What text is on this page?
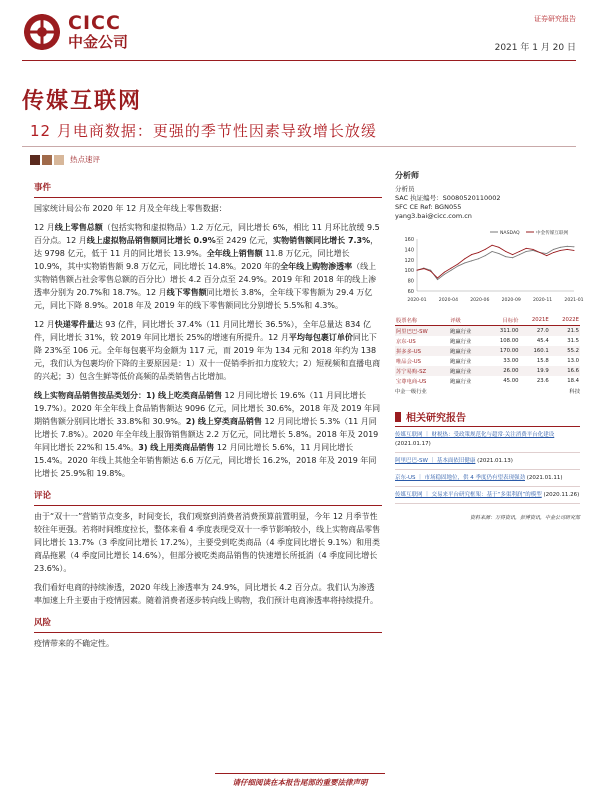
CICC
中金公司
证券研究报告
2021 年 1 月 20 日
传媒互联网
12 月电商数据：更强的季节性因素导致增长放缓
热点速评
事件

国家统计局公布 2020 年 12 月及全年线上零售数据：

12 月线上零售总额（包括实物和虚拟物品）1.2 万亿元，同比增长 6%，相比 11 月环比放缓 9.5 百分点。12 月线上虚拟物品销售额同比增长 0.9%至 2429 亿元，实物销售额同比增长 7.3%，达 9798 亿元，低于 11 月的同比增长 13.9%。全年线上销售额 11.8 万亿元，同比增长 10.9%，其中实物销售额 9.8 万亿元，同比增长 14.8%。2020 年的全年线上购物渗透率（线上实物销售额占社会零售总额的百分比）增长 4.2 百分点至 24.9%。2019 年和 2018 年的线上渗透率分别为 20.7%和 18.7%。12 月线下零售额同比增长 3.8%，全年线下零售额为 29.4 万亿元，同比下降 8.9%。2018 年及 2019 年的线下零售额同比分别增长 5.5%和 4.3%。

12 月快递零件量达 93 亿件，同比增长 37.4%（11 月同比增长 36.5%），全年总量达 834 亿件，同比增长 31%，较 2019 年同比增长 25%的增速有所提升。12 月平均每包裹订单价同比下降 23%至 106 元。全年每包裹平均金额为 117 元，而 2019 年为 134 元和 2018 年约为 138 元，我们认为包裹均价下降的主要原因是：1）双十一促销季折扣力度较大；2）短视频和直播电商的兴起；3）包含生鲜等低价高频的品类销售占比增加。

线上实物商品销售按品类划分：1) 线上吃类商品销售 12 月同比增长 19.6%（11 月同比增长 19.7%）。2020 年全年线上食品销售额达 9096 亿元，同比增长 30.6%，2018 年及 2019 年同期销售额分别同比增长 33.8%和 30.9%。2) 线上穿类商品销售 12 月同比增长 5.3%（11 月同比增长 7.8%）。2020 年全年线上服饰销售额达 2.2 万亿元，同比增长 5.8%。2018 年及 2019 年同比增长 22%和 15.4%。3) 线上用类商品销售 12 月同比增长 5.6%，11 月同比增长 15.4%。2020 年线上其他全年销售额达 6.6 万亿元，同比增长 16.2%，2018 年及 2019 年同比增长 25.9%和 19.8%。

评论

由于“双十一”营销节点变多，时间变长，我们观察到消费者消费预算前置明显，今年 12 月季节性较往年更强。若将时间维度拉长，整体来看 4 季度表现受双十一季节影响较小，线上实物商品零售同比增长 13.7%（3 季度同比增长 17.2%），主要受到吃类商品（4 季度同比增长 9.1%）和用类商品拖累（4 季度同比增长 14.6%），但部分被吃类商品销售的快速增长所抵消（4 季度同比增长 23.6%）。

我们看好电商的持续渗透，2020 年线上渗透率为 24.9%，同比增长 4.2 百分点。我们认为渗透率加速上升主要由于疫情因素。随着消费者逐步转向线上购物，我们预计电商渗透率将持续提升。

风险

疫情带来的不确定性。

分析师
分析员
SAC 执证编号：S0080520110002
SFC CE Ref: BGN055
yang3.bai@cicc.com.cn
160
140
120
100
80
60
2020-01	2020-04	2020-06	2020-09	2020-11	2021-01
NASDAQ	中金传媒互联网
股票名称	评级	目标价	2021E	2022E
阿里巴巴-SW	跑赢行业	311.00	27.0	21.5
京东-US	跑赢行业	108.00	45.4	31.5
拼多多-US	跑赢行业	170.00	160.1	55.2
唯品会-US	跑赢行业	33.00	15.8	13.0
苏宁易购-SZ	跑赢行业	26.00	19.9	16.6
宝尊电商-US	跑赢行业	45.00	23.6	18.4
中金一级行业	科技
相关研究报告
传媒互联网 ｜ 财税热：受政策规范化与超常·关注消费平台化建设 (2021.01.17)
阿里巴巴-SW ｜ 基本面依旧健康 (2021.01.13)
京东-US ｜ 市场稳固地位，供 4 季度仍有望表现强劲 (2021.01.11)
传媒互联网 ｜ 交易来平台研究框架：基于“多渠利润”的模型 (2020.11.26)
资料来源：万得资讯，彭博资讯，中金公司研究部
请仔细阅读在本报告尾部的重要法律声明
